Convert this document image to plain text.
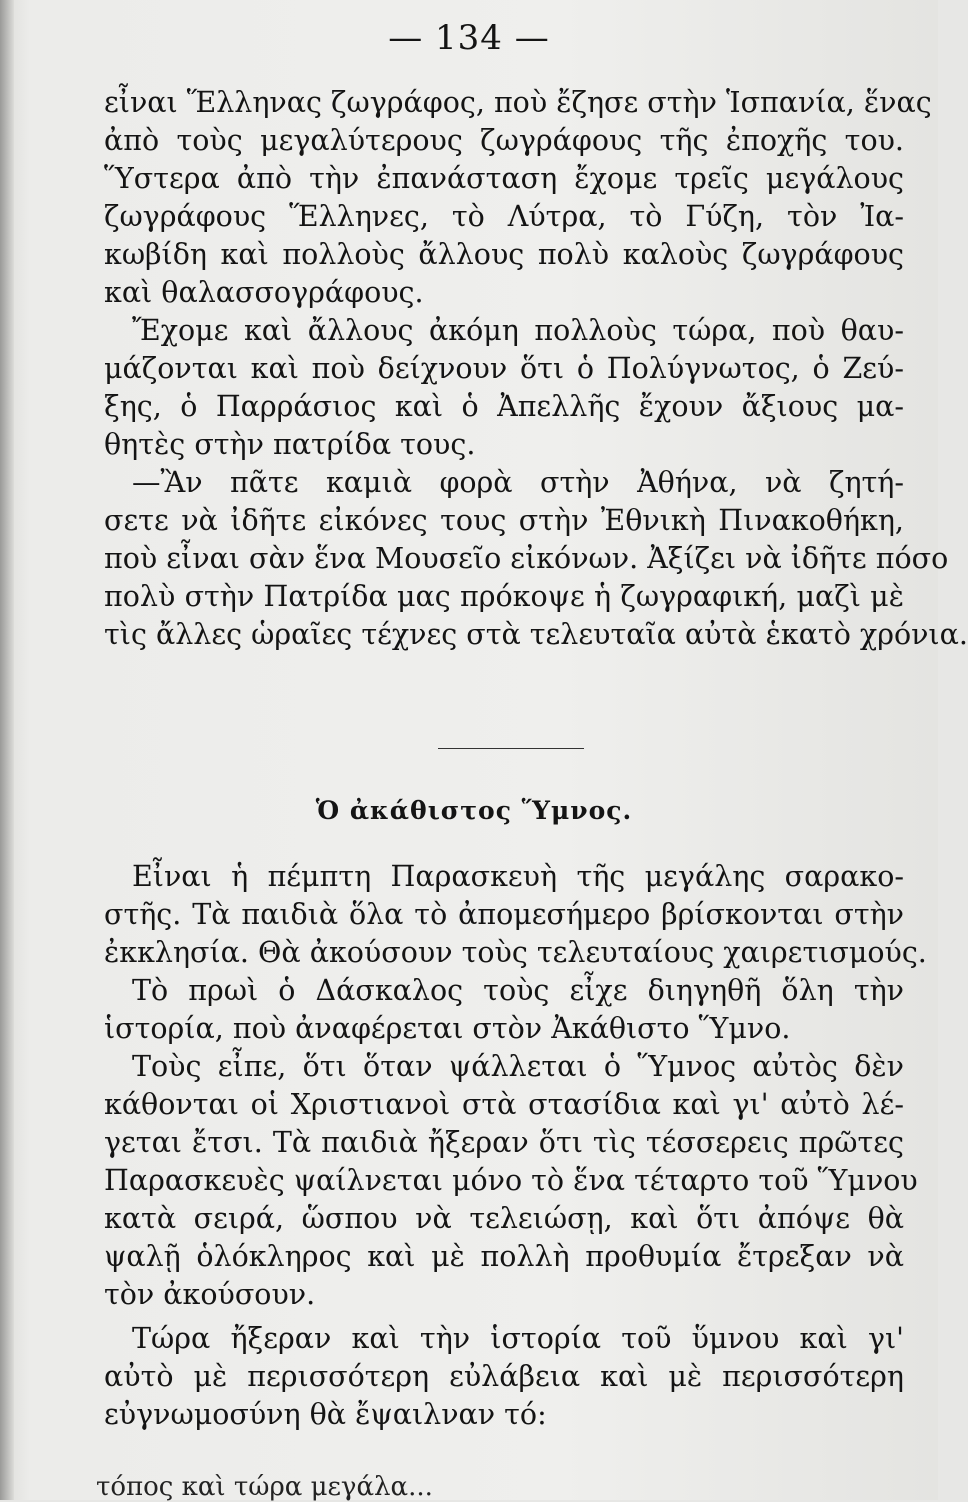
— 134 —

εἶναι Ἕλληνας ζωγράφος, ποὺ ἔζησε στὴν Ἱσπανία, ἕνας
ἀπὸ τοὺς μεγαλύτερους ζωγράφους τῆς ἐποχῆς του.
Ὕστερα ἀπὸ τὴν ἐπανάσταση ἔχομε τρεῖς μεγάλους
ζωγράφους Ἕλληνες, τὸ Λύτρα, τὸ Γύζη, τὸν Ἰα-
κωβίδη καὶ πολλοὺς ἄλλους πολὺ καλοὺς ζωγράφους
καὶ θαλασσογράφους.

Ἔχομε καὶ ἄλλους ἀκόμη πολλοὺς τώρα, ποὺ θαυ-
μάζονται καὶ ποὺ δείχνουν ὅτι ὁ Πολύγνωτος, ὁ Ζεύ-
ξης, ὁ Παρράσιος καὶ ὁ Ἀπελλῆς ἔχουν ἄξιους μα-
θητὲς στὴν πατρίδα τους.

—Ἂν πᾶτε καμιὰ φορὰ στὴν Ἀθήνα, νὰ ζητή-
σετε νὰ ἰδῆτε εἰκόνες τους στὴν Ἐθνικὴ Πινακοθήκη,
ποὺ εἶναι σὰν ἕνα Μουσεῖο εἰκόνων. Ἀξίζει νὰ ἰδῆτε πόσο
πολὺ στὴν Πατρίδα μας πρόκοψε ἡ ζωγραφική, μαζὶ μὲ
τὶς ἄλλες ὡραῖες τέχνες στὰ τελευταῖα αὐτὰ ἑκατὸ χρόνια.

Ὁ ἀκάθιστος Ὕμνος.

Εἶναι ἡ πέμπτη Παρασκευὴ τῆς μεγάλης σαρακο-
στῆς. Τὰ παιδιὰ ὅλα τὸ ἀπομεσήμερο βρίσκονται στὴν
ἐκκλησία. Θὰ ἀκούσουν τοὺς τελευταίους χαιρετισμούς.

Τὸ πρωὶ ὁ Δάσκαλος τοὺς εἶχε διηγηθῆ ὅλη τὴν
ἱστορία, ποὺ ἀναφέρεται στὸν Ἀκάθιστο Ὕμνο.

Τοὺς εἶπε, ὅτι ὅταν ψάλλεται ὁ Ὕμνος αὐτὸς δὲν
κάθονται οἱ Χριστιανοὶ στὰ στασίδια καὶ γι' αὐτὸ λέ-
γεται ἔτσι. Τὰ παιδιὰ ἤξεραν ὅτι τὶς τέσσερεις πρῶτες
Παρασκευὲς ψαίλνεται μόνο τὸ ἕνα τέταρτο τοῦ Ὕμνου
κατὰ σειρά, ὥσπου νὰ τελειώσῃ, καὶ ὅτι ἀπόψε θὰ
ψαλῇ ὁλόκληρος καὶ μὲ πολλὴ προθυμία ἔτρεξαν νὰ
τὸν ἀκούσουν.

Τώρα ἤξεραν καὶ τὴν ἱστορία τοῦ ὕμνου καὶ γι'
αὐτὸ μὲ περισσότερη εὐλάβεια καὶ μὲ περισσότερη
εὐγνωμοσύνη θὰ ἔψαιλναν τό:

τόπος καὶ τώρα μεγάλα...
